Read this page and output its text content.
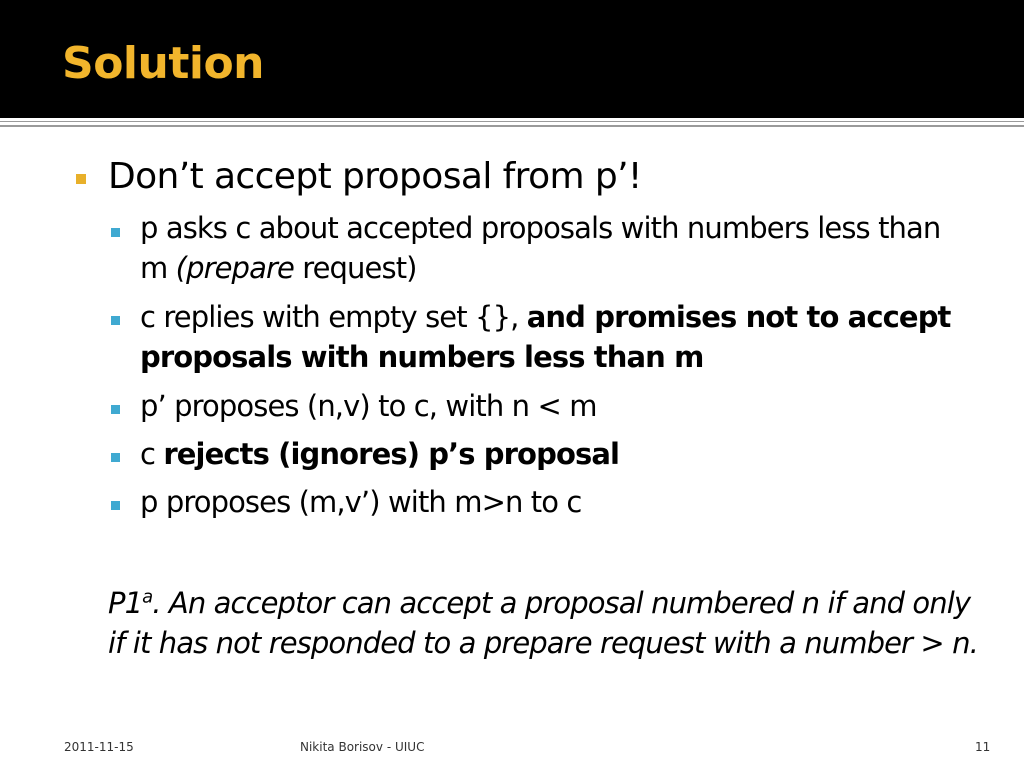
Solution
Don’t accept proposal from p’!
p asks c about accepted proposals with numbers less than m (prepare request)
c replies with empty set {}, and promises not to accept proposals with numbers less than m
p’ proposes (n,v) to c, with n < m
c rejects (ignores) p’s proposal
p proposes (m,v’) with m>n to c
P1$^a$. An acceptor can accept a proposal numbered n if and only if it has not responded to a prepare request with a number > n.
2011-11-15	Nikita Borisov - UIUC	11
